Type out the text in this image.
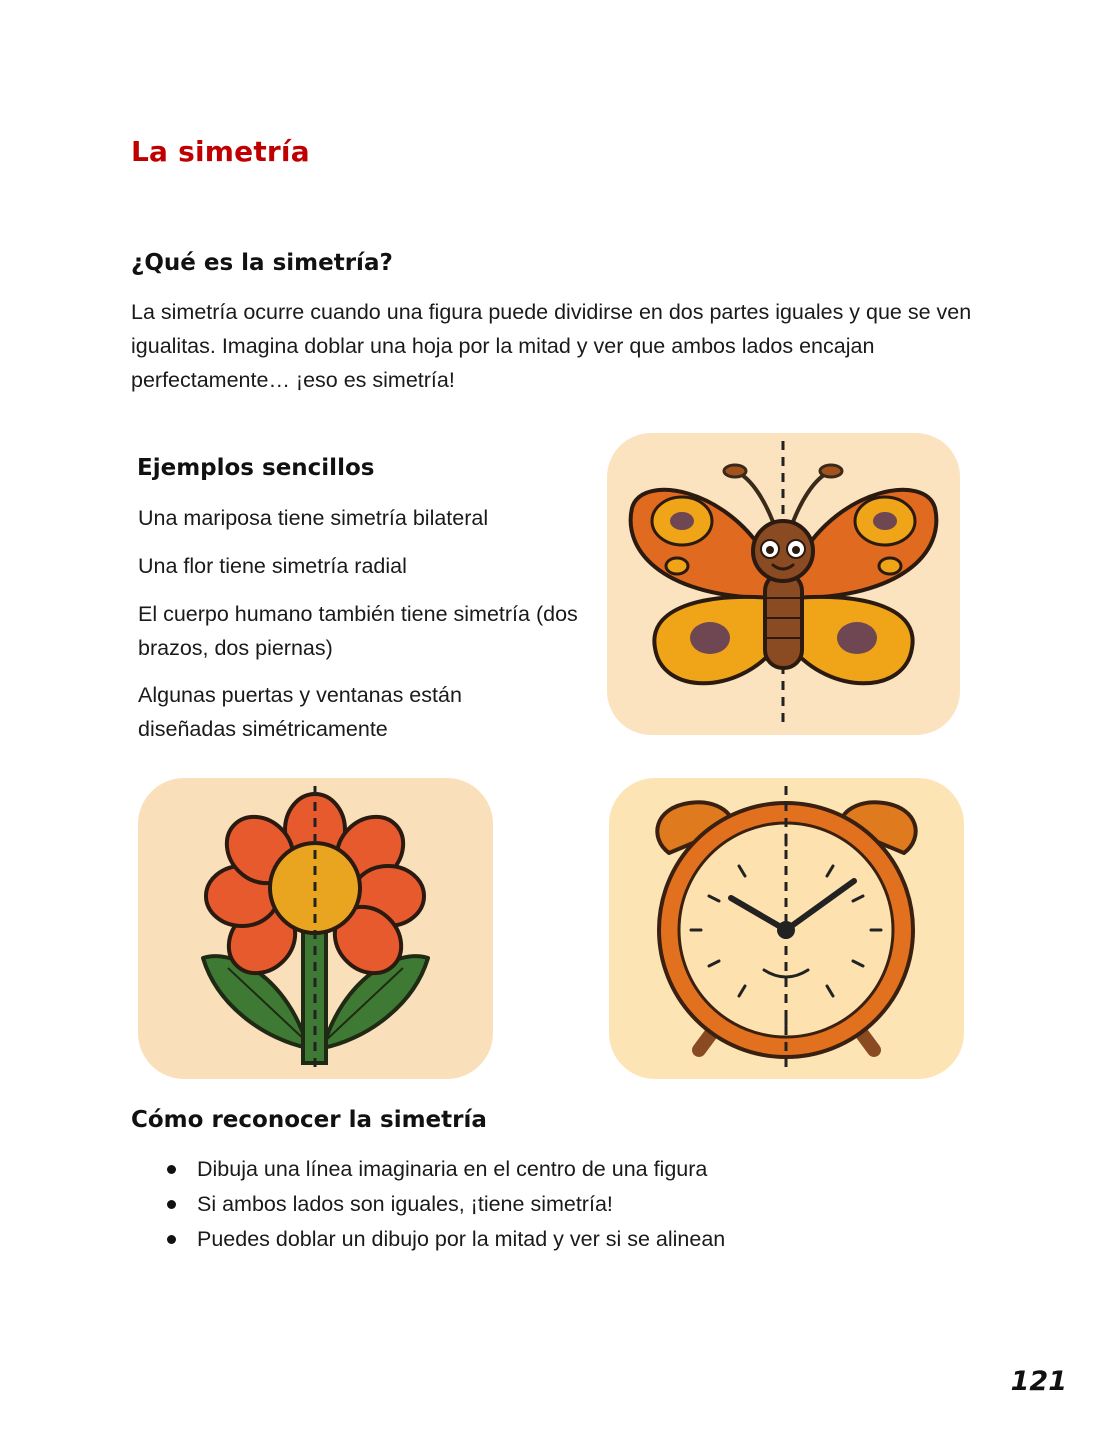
La simetría
¿Qué es la simetría?

La simetría ocurre cuando una figura puede dividirse en dos partes iguales y que se ven igualitas. Imagina doblar una hoja por la mitad y ver que ambos lados encajan perfectamente… ¡eso es simetría!

Ejemplos sencillos

Una mariposa tiene simetría bilateral

Una flor tiene simetría radial

El cuerpo humano también tiene simetría (dos brazos, dos piernas)

Algunas puertas y ventanas están diseñadas simétricamente

Cómo reconocer la simetría
Dibuja una línea imaginaria en el centro de una figura
Si ambos lados son iguales, ¡tiene simetría!
Puedes doblar un dibujo por la mitad y ver si se alinean
121
